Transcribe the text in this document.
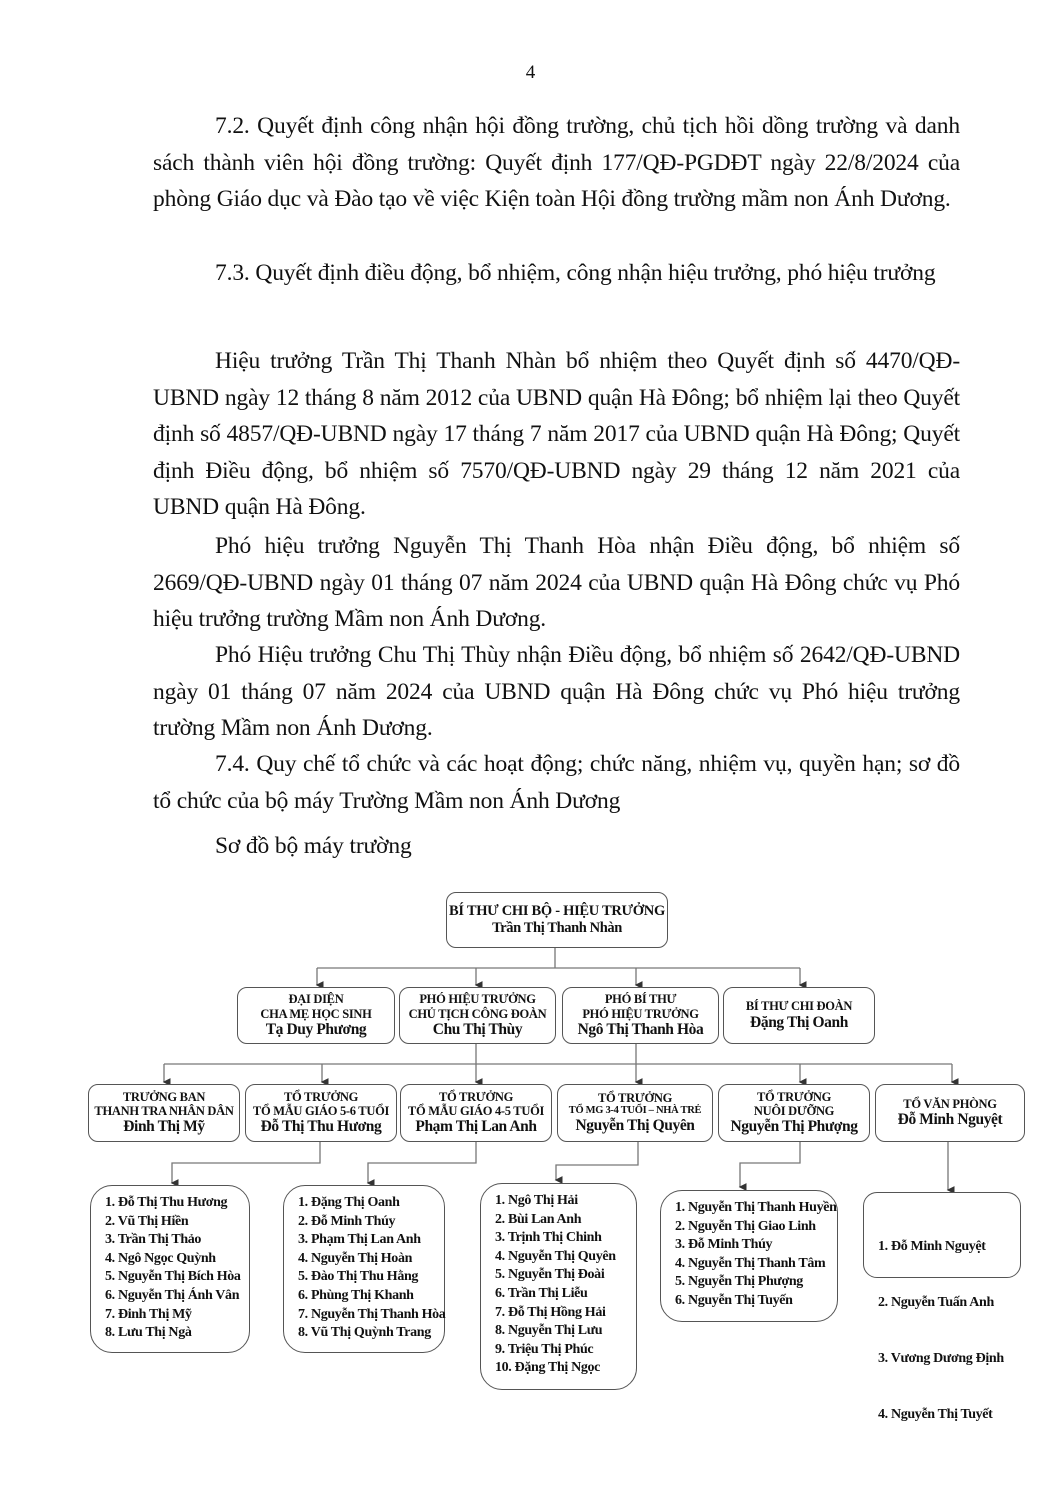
4

7.2. Quyết định công nhận hội đồng trường, chủ tịch hồi dồng trường và danh sách thành viên hội đồng trường: Quyết định 177/QĐ-PGDĐT ngày 22/8/2024 của phòng Giáo dục và Đào tạo về việc Kiện toàn Hội đồng trường mầm non Ánh Dương.

7.3. Quyết định điều động, bổ nhiệm, công nhận hiệu trưởng, phó hiệu trưởng

Hiệu trưởng Trần Thị Thanh Nhàn bổ nhiệm theo Quyết định số 4470/QĐ-UBND ngày 12 tháng 8 năm 2012 của UBND quận Hà Đông; bổ nhiệm lại theo Quyết định số 4857/QĐ-UBND ngày 17 tháng 7 năm 2017 của UBND quận Hà Đông; Quyết định Điều động, bổ nhiệm số 7570/QĐ-UBND ngày 29 tháng 12 năm 2021 của UBND quận Hà Đông.

Phó hiệu trưởng Nguyễn Thị Thanh Hòa nhận Điều động, bổ nhiệm số 2669/QĐ-UBND ngày 01 tháng 07 năm 2024 của UBND quận Hà Đông chức vụ Phó hiệu trưởng trường Mầm non Ánh Dương.

Phó Hiệu trưởng Chu Thị Thùy nhận Điều động, bổ nhiệm số 2642/QĐ-UBND ngày 01 tháng 07 năm 2024 của UBND quận Hà Đông chức vụ Phó hiệu trưởng trường Mầm non Ánh Dương.

7.4. Quy chế tổ chức và các hoạt động; chức năng, nhiệm vụ, quyền hạn; sơ đồ tổ chức của bộ máy Trường Mầm non Ánh Dương

Sơ đồ bộ máy trường

BÍ THƯ CHI BỘ - HIỆU TRƯỞNG
Trần Thị Thanh Nhàn
ĐẠI DIỆN
CHA MẸ HỌC SINH
Tạ Duy Phương
PHÓ HIỆU TRƯỞNG
CHỦ TỊCH CÔNG ĐOÀN
Chu Thị Thùy
PHÓ BÍ THƯ
PHÓ HIỆU TRƯỞNG
Ngô Thị Thanh Hòa
BÍ THƯ CHI ĐOÀN
Đặng Thị Oanh
TRƯỞNG BAN
THANH TRA NHÂN DÂN
Đinh Thị Mỹ
TỔ TRƯỞNG
TỔ MẪU GIÁO 5-6 TUỔI
Đỗ Thị Thu Hương
TỔ TRƯỞNG
TỔ MẪU GIÁO 4-5 TUỔI
Phạm Thị Lan Anh
TỔ TRƯỞNG
TỔ MG 3-4 TUỔI – NHÀ TRẺ
Nguyễn Thị Quyên
TỔ TRƯỞNG
NUÔI DƯỠNG
Nguyễn Thị Phượng
TỔ VĂN PHÒNG
Đỗ Minh Nguyệt
1. Đỗ Thị Thu Hương
2. Vũ Thị Hiền
3. Trần Thị Thảo
4. Ngô Ngọc Quỳnh
5. Nguyễn Thị Bích Hòa
6. Nguyễn Thị Ánh Vân
7. Đinh Thị Mỹ
8. Lưu Thị Ngà
1. Đặng Thị Oanh
2. Đỗ Minh Thúy
3. Phạm Thị Lan Anh
4. Nguyễn Thị Hoàn
5. Đào Thị Thu Hằng
6. Phùng Thị Khanh
7. Nguyễn Thị Thanh Hòa
8. Vũ Thị Quỳnh Trang
1. Ngô Thị Hải
2. Bùi Lan Anh
3. Trịnh Thị Chinh
4. Nguyễn Thị Quyên
5. Nguyễn Thị Đoài
6. Trần Thị Liễu
7. Đỗ Thị Hồng Hải
8. Nguyễn Thị Lưu
9. Triệu Thị Phúc
10. Đặng Thị Ngọc
1. Nguyễn Thị Thanh Huyền
2. Nguyễn Thị Giao Linh
3. Đỗ Minh Thúy
4. Nguyễn Thị Thanh Tâm
5. Nguyễn Thị Phượng
6. Nguyễn Thị Tuyến

1. Đỗ Minh Nguyệt

2. Nguyễn Tuấn Anh

3. Vương Dương Định

4. Nguyễn Thị Tuyết
